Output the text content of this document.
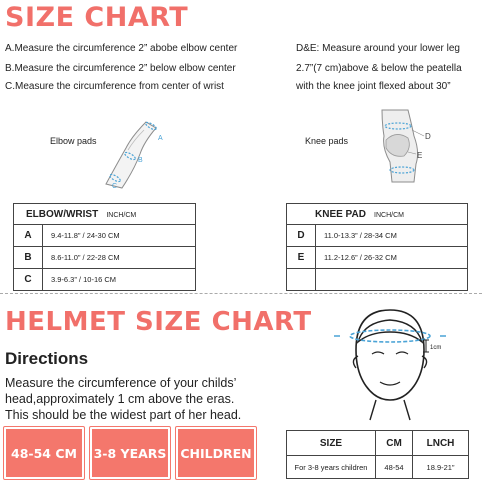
SIZE CHART
A.Measure the circumference 2” abobe elbow center
B.Measure the circumference 2” below elbow center
C.Measure the circumference from center of wrist
D&E: Measure around your lower leg
2.7”(7 cm)above & below the peatella
with the knee joint flexed about 30”
Elbow pads	A
B
C
Knee pads	D
E
ELBOW/WRIST INCH/CM	
A	9.4-11.8” / 24-30 CM
B	8.6-11.0” / 22-28 CM
C	3.9-6.3” / 10-16 CM
KNEE PAD INCH/CM	
D	11.0-13.3” / 28-34 CM
E	11.2-12.6” / 26-32 CM

HELMET SIZE CHART
Directions
Measure the circumference of your childs’
head,approximately 1 cm above the eras.
This should be the widest part of her head.
1cm
48-54 CM 3-8 YEARS CHILDREN
SIZE	CM	LNCH
For 3-8 years children	48-54	18.9-21”
